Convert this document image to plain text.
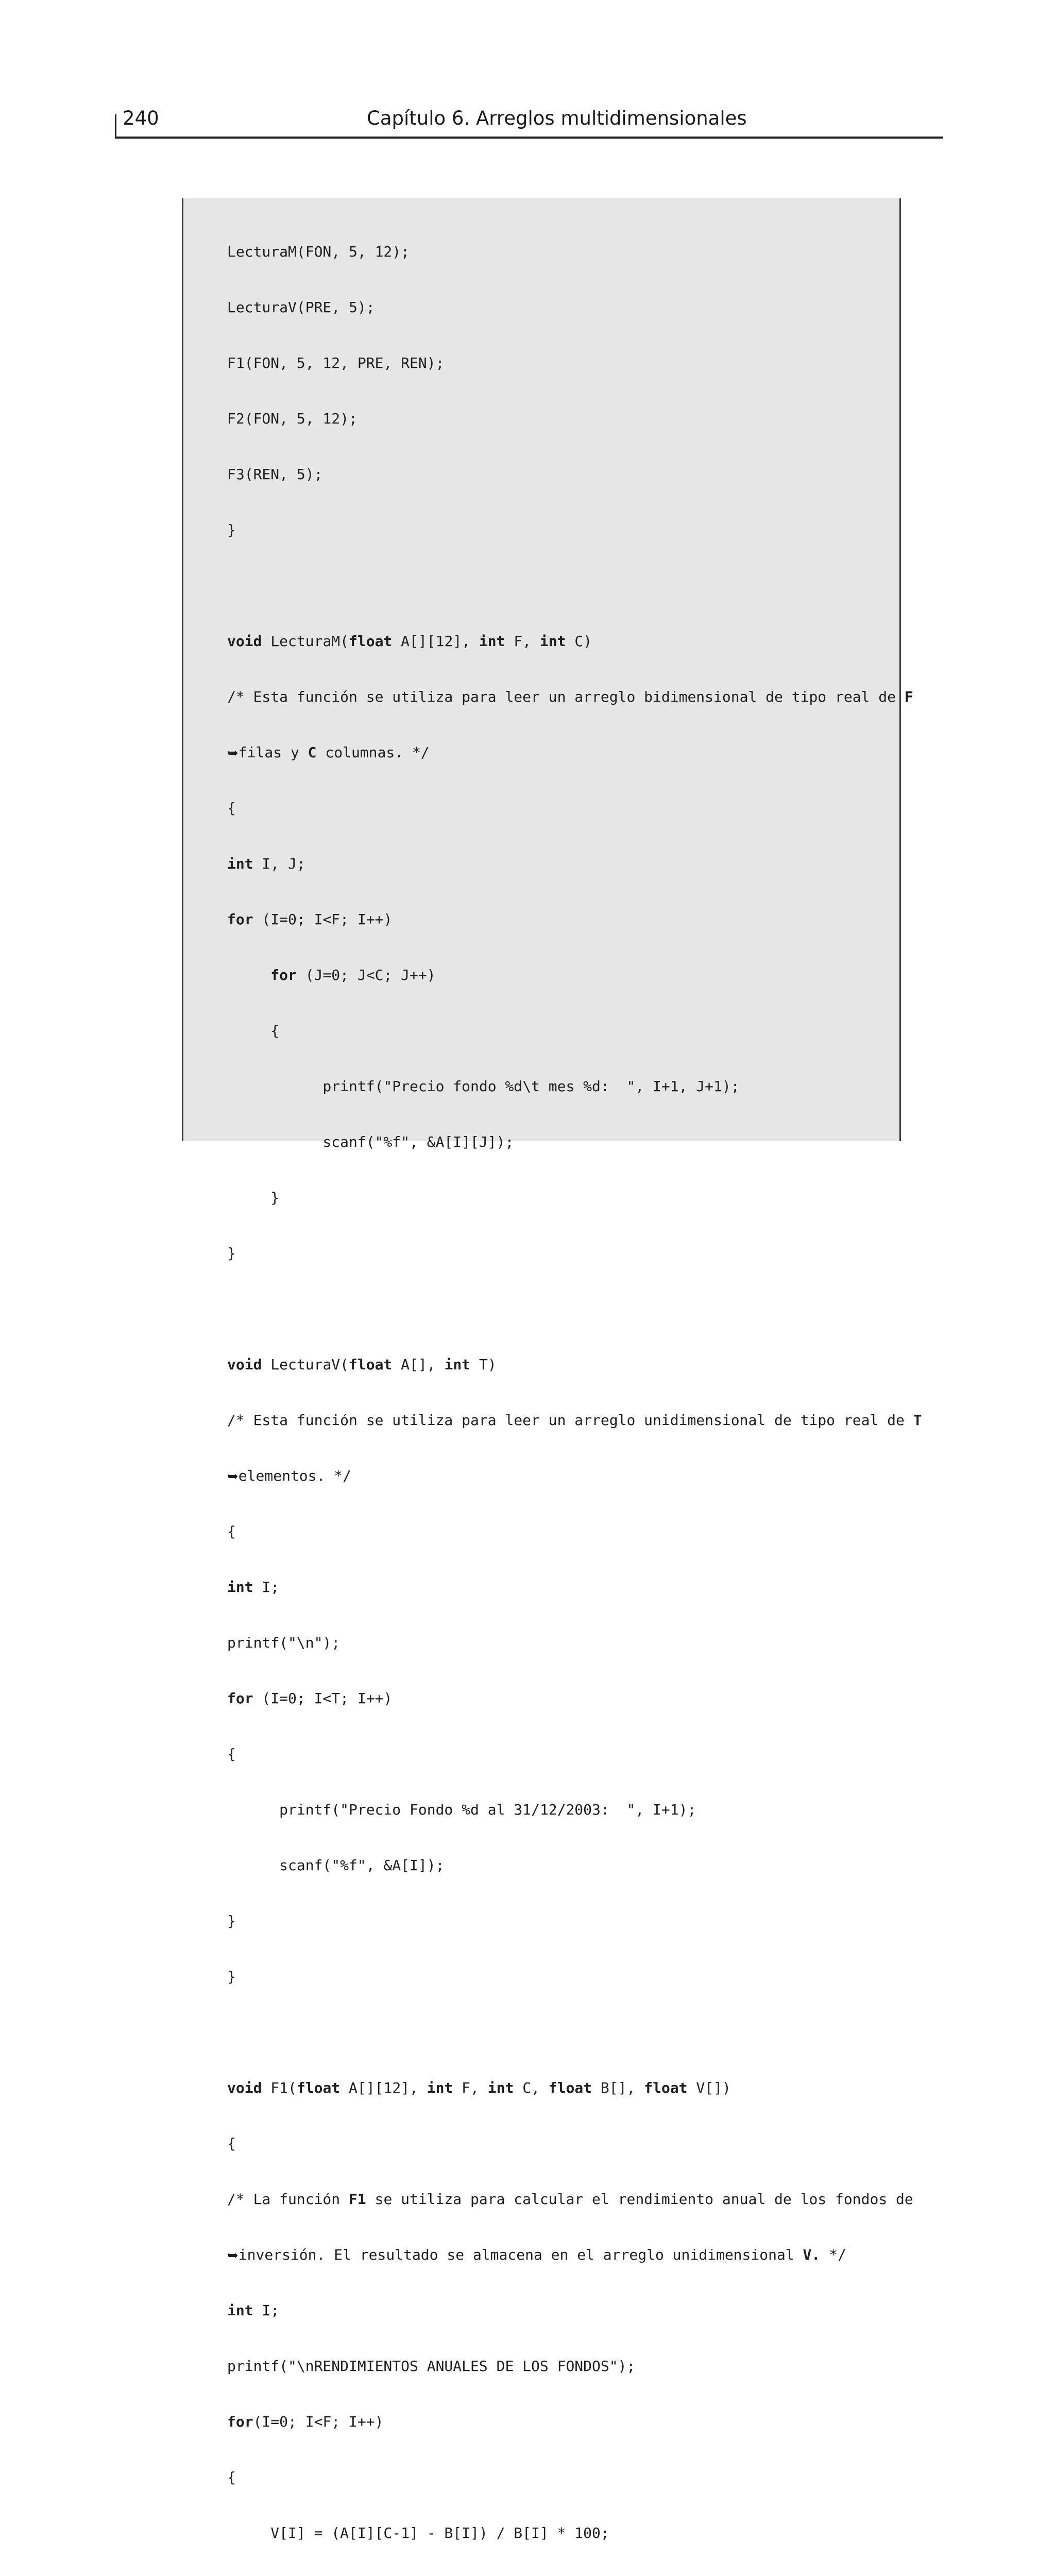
240	Capítulo 6. Arreglos multidimensionales

LecturaM(FON, 5, 12);

LecturaV(PRE, 5);

F1(FON, 5, 12, PRE, REN);

F2(FON, 5, 12);

F3(REN, 5);

}

void LecturaM(float A[][12], int F, int C)

/* Esta función se utiliza para leer un arreglo bidimensional de tipo real de F

➥filas y C columnas. */

{

int I, J;

for (I=0; I<F; I++)

for (J=0; J<C; J++)

{

printf("Precio fondo %d\t mes %d:  ", I+1, J+1);

scanf("%f", &A[I][J]);

}

}

void LecturaV(float A[], int T)

/* Esta función se utiliza para leer un arreglo unidimensional de tipo real de T

➥elementos. */

{

int I;

printf("\n");

for (I=0; I<T; I++)

{

printf("Precio Fondo %d al 31/12/2003:  ", I+1);

scanf("%f", &A[I]);

}

}

void F1(float A[][12], int F, int C, float B[], float V[])

{

/* La función F1 se utiliza para calcular el rendimiento anual de los fondos de

➥inversión. El resultado se almacena en el arreglo unidimensional V. */

int I;

printf("\nRENDIMIENTOS ANUALES DE LOS FONDOS");

for(I=0; I<F; I++)

{

V[I] = (A[I][C-1] - B[I]) / B[I] * 100;
